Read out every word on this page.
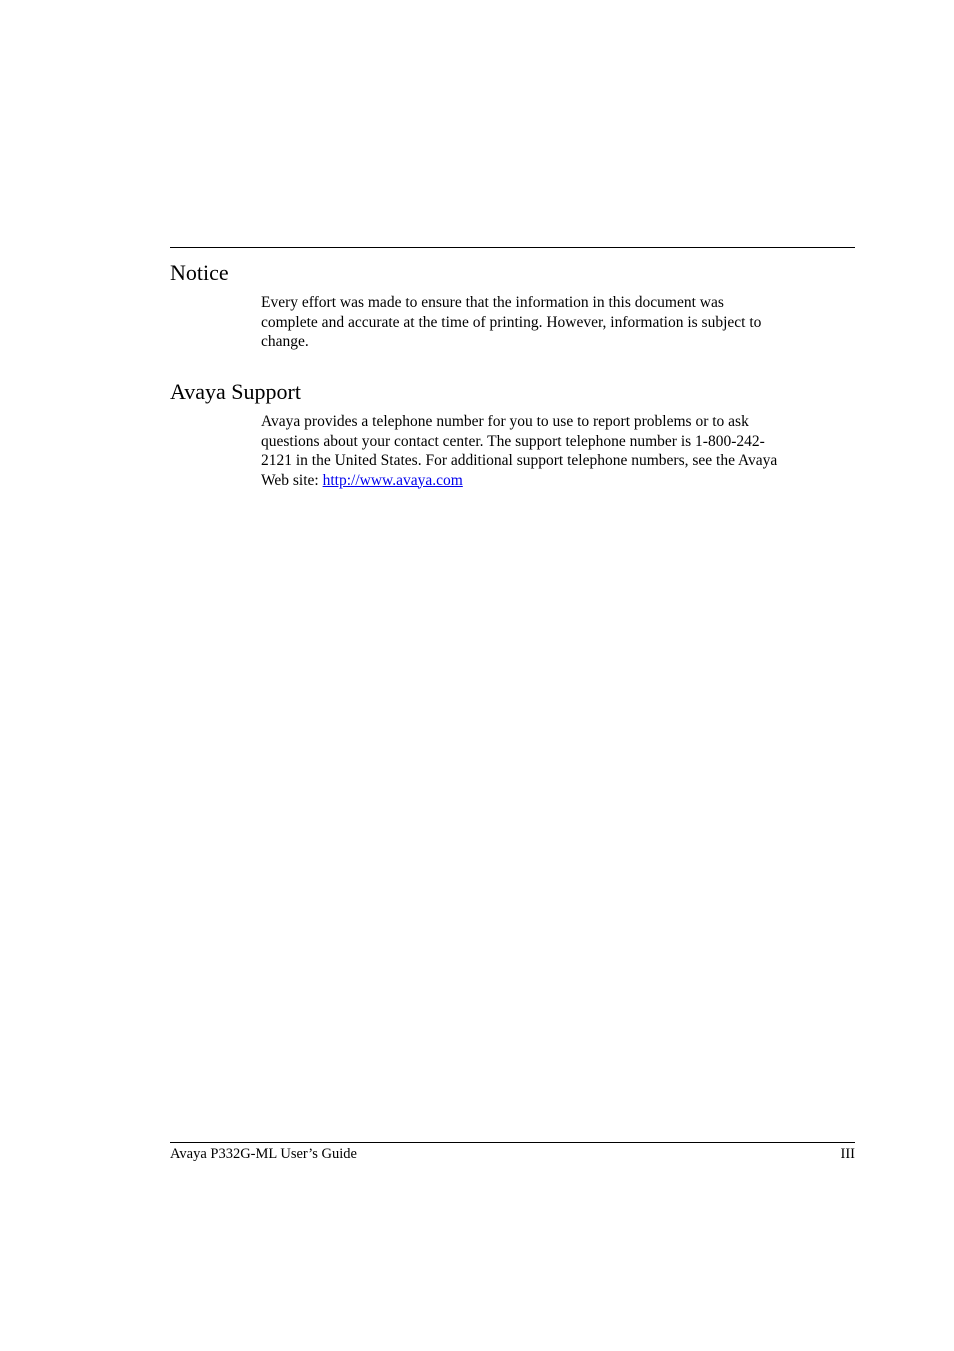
Notice

Every effort was made to ensure that the information in this document was
complete and accurate at the time of printing. However, information is subject to
change.

Avaya Support

Avaya provides a telephone number for you to use to report problems or to ask
questions about your contact center. The support telephone number is 1-800-242-
2121 in the United States. For additional support telephone numbers, see the Avaya
Web site: http://www.avaya.com

Avaya P332G-ML User’s Guide	III
